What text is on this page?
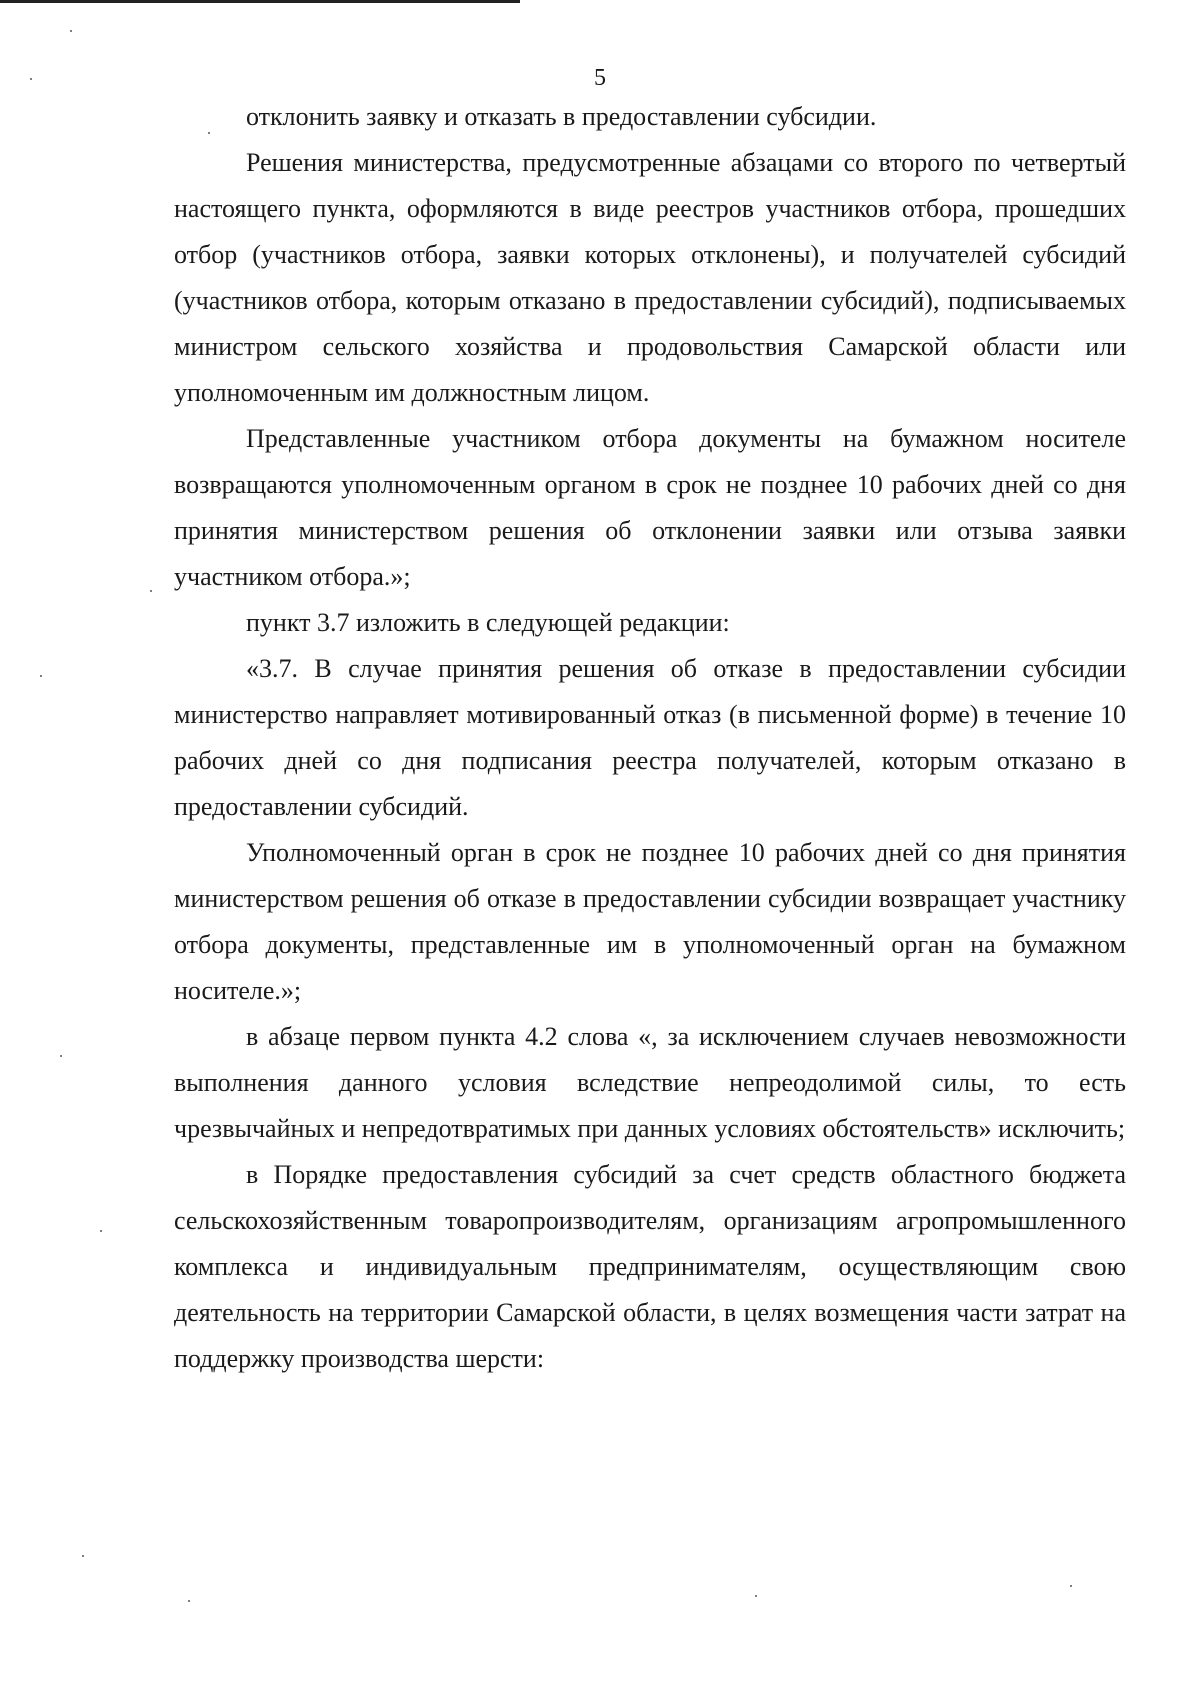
5

отклонить заявку и отказать в предоставлении субсидии.

Решения министерства, предусмотренные абзацами со второго по четвертый настоящего пункта, оформляются в виде реестров участников отбора, прошедших отбор (участников отбора, заявки которых отклонены), и получателей субсидий (участников отбора, которым отказано в предоставлении субсидий), подписываемых министром сельского хозяйства и продовольствия Самарской области или уполномоченным им должностным лицом.

Представленные участником отбора документы на бумажном носителе возвращаются уполномоченным органом в срок не позднее 10 рабочих дней со дня принятия министерством решения об отклонении заявки или отзыва заявки участником отбора.»;

пункт 3.7 изложить в следующей редакции:

«3.7. В случае принятия решения об отказе в предоставлении субсидии министерство направляет мотивированный отказ (в письменной форме) в течение 10 рабочих дней со дня подписания реестра получателей, которым отказано в предоставлении субсидий.

Уполномоченный орган в срок не позднее 10 рабочих дней со дня принятия министерством решения об отказе в предоставлении субсидии возвращает участнику отбора документы, представленные им в уполномоченный орган на бумажном носителе.»;

в абзаце первом пункта 4.2 слова «, за исключением случаев невозможности выполнения данного условия вследствие непреодолимой силы, то есть чрезвычайных и непредотвратимых при данных условиях обстоятельств» исключить;

в Порядке предоставления субсидий за счет средств областного бюджета сельскохозяйственным товаропроизводителям, организациям агропромышленного комплекса и индивидуальным предпринимателям, осуществляющим свою деятельность на территории Самарской области, в целях возмещения части затрат на поддержку производства шерсти:
